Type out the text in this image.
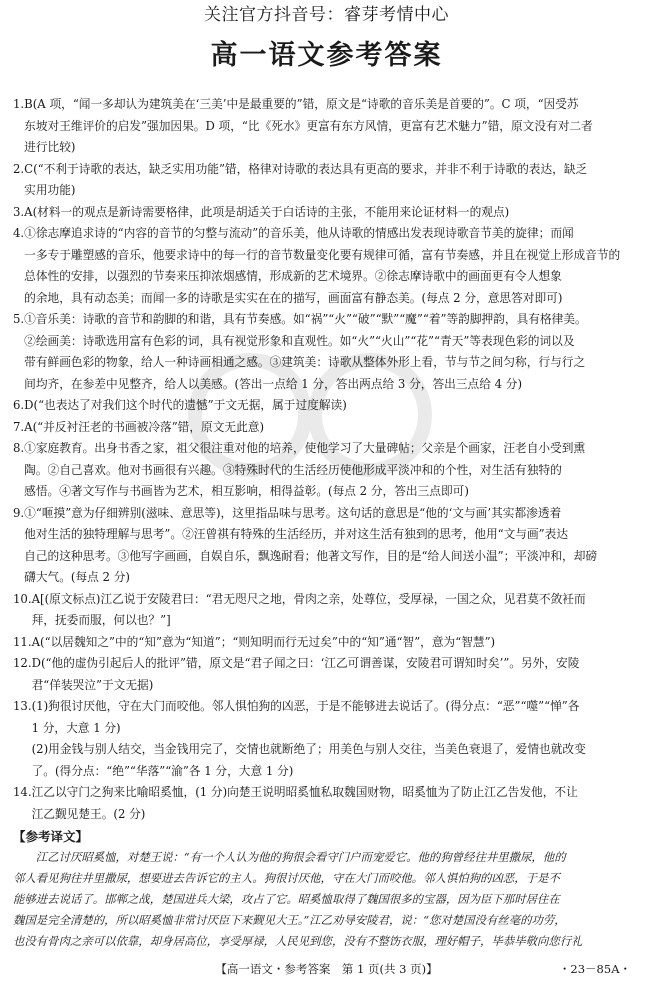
关注官方抖音号：睿芽考情中心
高一语文参考答案
1. B(A 项，“闻一多却认为建筑美在‘三美’中是最重要的”错，原文是“诗歌的音乐美是首要的”。C 项，“因受苏
东坡对王维评价的启发”强加因果。D 项，“比《死水》更富有东方风情，更富有艺术魅力”错，原文没有对二者
进行比较)
2. C(“不利于诗歌的表达，缺乏实用功能”错，格律对诗歌的表达具有更高的要求，并非不利于诗歌的表达，缺乏
实用功能)
3. A(材料一的观点是新诗需要格律，此项是胡适关于白话诗的主张，不能用来论证材料一的观点)
4. ①徐志摩追求诗的“内容的音节的匀整与流动”的音乐美，他从诗歌的情感出发表现诗歌音节美的旋律；而闻
一多专于雕塑感的音乐，他要求诗中的每一行的音节数量变化要有规律可循，富有节奏感，并且在视觉上形成音节的
总体性的安排，以强烈的节奏来压抑浓烟感情，形成新的艺术境界。②徐志摩诗歌中的画面更有令人想象
的余地，具有动态美；而闻一多的诗歌是实实在在的描写，画面富有静态美。(每点 2 分，意思答对即可)
5. ①音乐美：诗歌的音节和韵脚的和谐，具有节奏感。如“祸”“火”“破”“默”“魔”“着”等韵脚押韵，具有格律美。
②绘画美：诗歌选用富有色彩的词，具有视觉形象和直观性。如“火”“火山”“花”“青天”等表现色彩的词以及
带有鲜画色彩的物象，给人一种诗画相通之感。③建筑美：诗歌从整体外形上看，节与节之间匀称，行与行之
间均齐，在参差中见整齐，给人以美感。(答出一点给 1 分，答出两点给 3 分，答出三点给 4 分)
6. D(“也表达了对我们这个时代的遗憾”于文无据，属于过度解读)
7. A(“并反衬汪老的书画被冷落”错，原文无此意)
8. ①家庭教育。出身书香之家，祖父很注重对他的培养，使他学习了大量碑帖；父亲是个画家，汪老自小受到熏
陶。②自己喜欢。他对书画很有兴趣。③特殊时代的生活经历使他形成平淡冲和的个性，对生活有独特的
感悟。④著文写作与书画皆为艺术，相互影响，相得益彰。(每点 2 分，答出三点即可)
9. ①“咂摸”意为仔细辨别(滋味、意思等)，这里指品味与思考。这句话的意思是“他的‘文与画’其实都渗透着
他对生活的独特理解与思考”。②汪曾祺有特殊的生活经历，并对这生活有独到的思考，他用“文与画”表达
自己的这种思考。③他写字画画，自娱自乐，飘逸耐看；他著文写作，目的是“给人间送小温”；平淡冲和，却磅
礴大气。(每点 2 分)
10. A[(原文标点)江乙说于安陵君曰：“君无咫尺之地，骨肉之亲，处尊位，受厚禄，一国之众，见君莫不敛衽而
拜，抚委而服，何以也？”]
11. A(“以居魏知之”中的“知”意为“知道”；“则知明而行无过矣”中的“知”通“智”，意为“智慧”)
12. D(“他的虚伪引起后人的批评”错，原文是“君子闻之曰：‘江乙可谓善谋，安陵君可谓知时矣’”。另外，安陵
君“佯装哭泣”于文无据)
13. (1)狗很讨厌他，守在大门而咬他。邻人惧怕狗的凶恶，于是不能够进去说话了。(得分点：“恶”“噬”“惮”各
1 分，大意 1 分)
(2)用金钱与别人结交，当金钱用完了，交情也就断绝了；用美色与别人交往，当美色衰退了，爱情也就改变
了。(得分点：“绝”“华落”“渝”各 1 分，大意 1 分)
14. 江乙以守门之狗来比喻昭奚恤，(1 分)向楚王说明昭奚恤私取魏国财物，昭奚恤为了防止江乙告发他，不让
江乙觐见楚王。(2 分)
【参考译文】
江乙讨厌昭奚恤，对楚王说：“有一个人认为他的狗很会看守门户而宠爱它。他的狗曾经往井里撒尿，他的
邻人看见狗往井里撒尿，想要进去告诉它的主人。狗很讨厌他，守在大门而咬他。邻人惧怕狗的凶恶，于是不
能够进去说话了。邯郸之战，楚国进兵大梁，攻占了它。昭奚恤取得了魏国很多的宝器，因为臣下那时居住在
魏国是完全清楚的，所以昭奚恤非常讨厌臣下来觐见大王。”江乙劝导安陵君，说：“您对楚国没有丝毫的功劳，
也没有骨肉之亲可以依靠，却身居高位，享受厚禄，人民见到您，没有不整饬衣服，理好帽子，毕恭毕敬向您行礼
【高一语文・参考答案　第 1 页(共 3 页)】	・23－85A・
